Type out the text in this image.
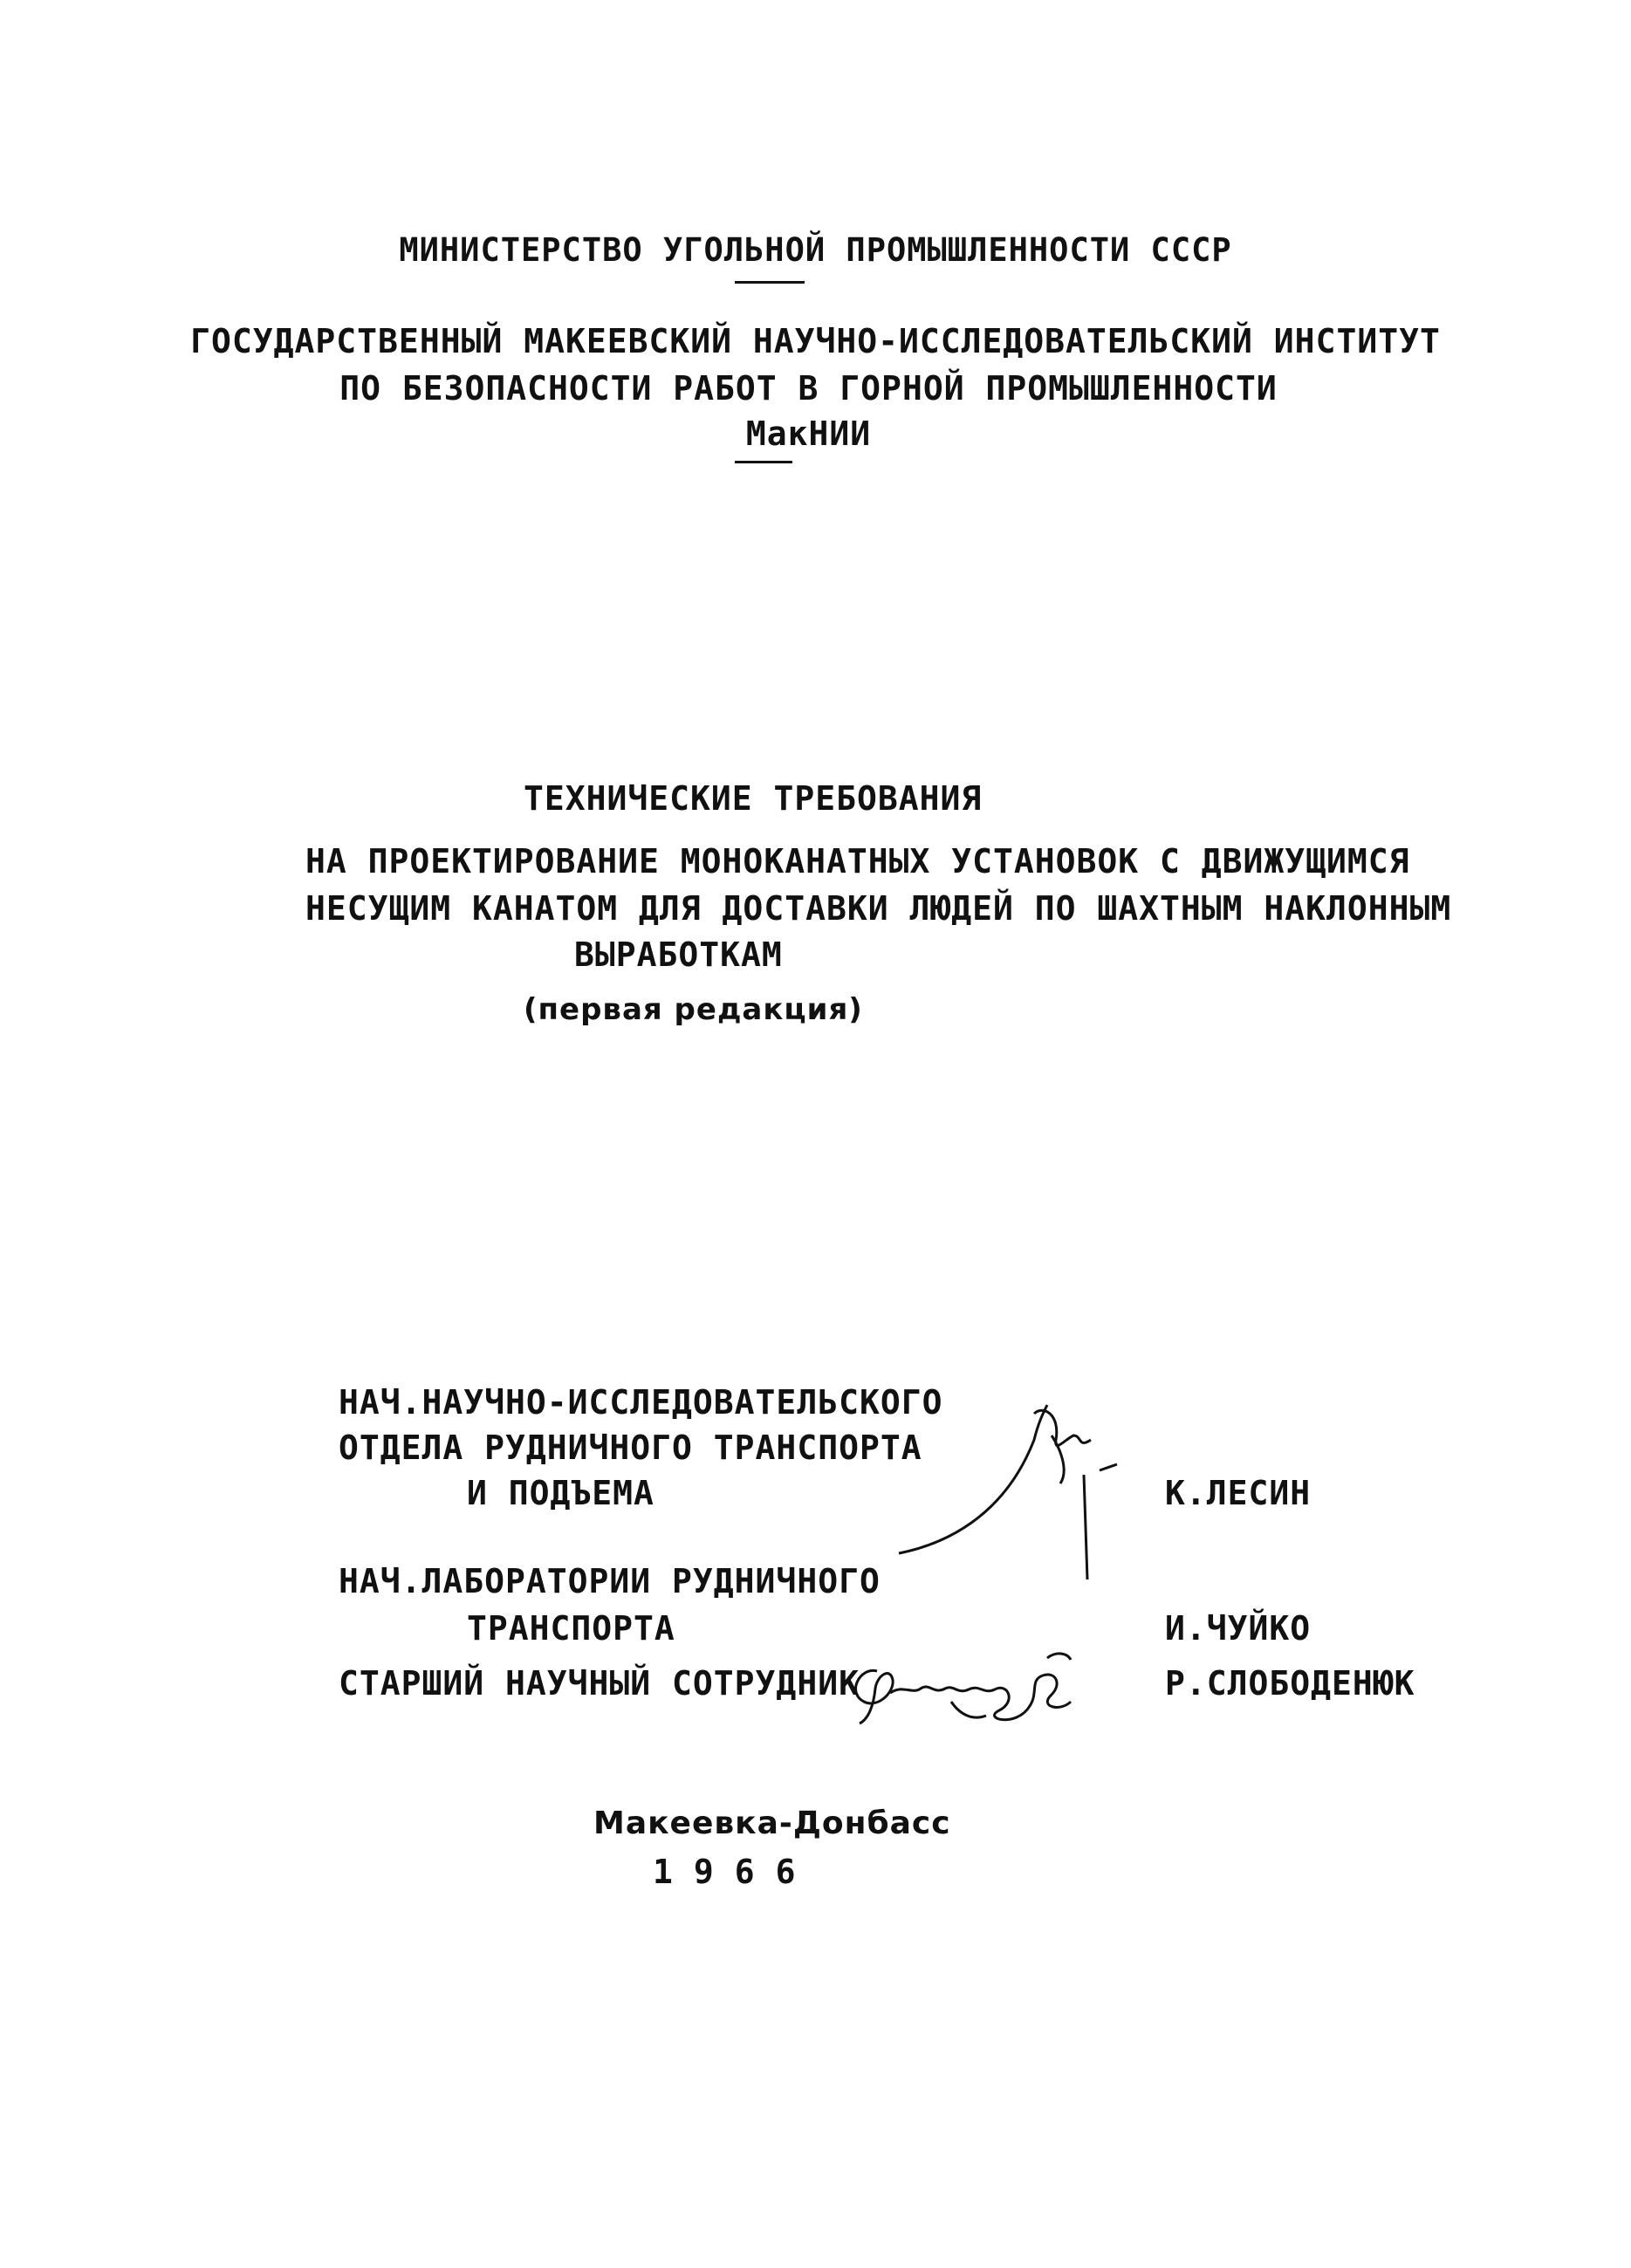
МИНИСТЕРСТВО УГОЛЬНОЙ ПРОМЫШЛЕННОСТИ СССР
ГОСУДАРСТВЕННЫЙ МАКЕЕВСКИЙ НАУЧНО-ИССЛЕДОВАТЕЛЬСКИЙ ИНСТИТУТ
ПО БЕЗОПАСНОСТИ РАБОТ В ГОРНОЙ ПРОМЫШЛЕННОСТИ
МакНИИ
ТЕХНИЧЕСКИЕ ТРЕБОВАНИЯ
НА ПРОЕКТИРОВАНИЕ МОНОКАНАТНЫХ УСТАНОВОК С ДВИЖУЩИМСЯ
НЕСУЩИМ КАНАТОМ ДЛЯ ДОСТАВКИ ЛЮДЕЙ ПО ШАХТНЫМ НАКЛОННЫМ
ВЫРАБОТКАМ
(первая редакция)
НАЧ.НАУЧНО-ИССЛЕДОВАТЕЛЬСКОГО
ОТДЕЛА РУДНИЧНОГО ТРАНСПОРТА
И ПОДЪЕМА	К.ЛЕСИН
НАЧ.ЛАБОРАТОРИИ РУДНИЧНОГО
ТРАНСПОРТА	И.ЧУЙКО
СТАРШИЙ НАУЧНЫЙ СОТРУДНИК	Р.СЛОБОДЕНЮК
Макеевка-Донбасс
1966
